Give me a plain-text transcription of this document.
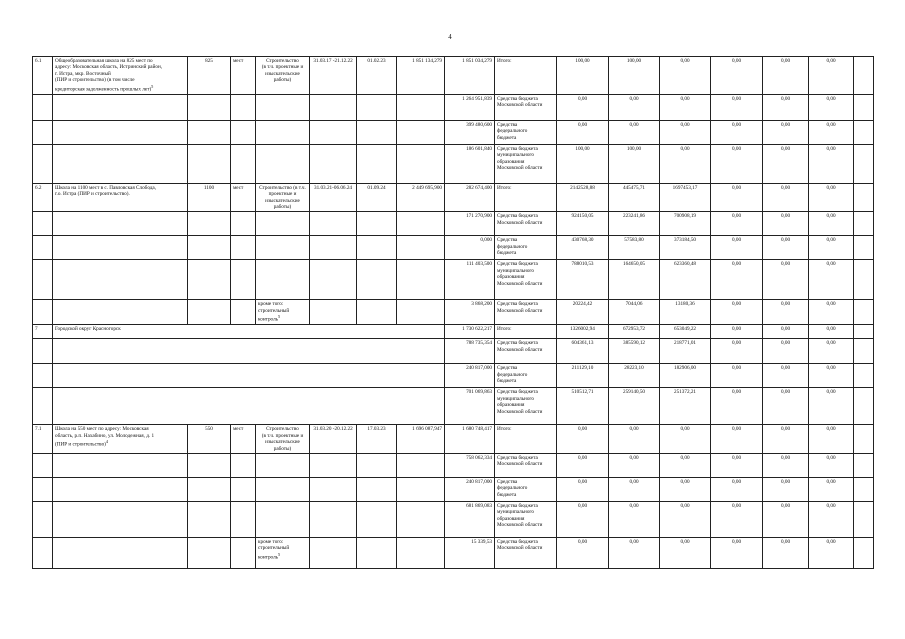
4
6.1	Общеобразовательная школа на 825 мест по
адресу: Московская область, Истринский район,
г. Истра, мкр. Восточный
(ПИР и строительство) (в том числе
кредиторская задолженность прошлых лет)$^5$	825	мест	Строительство
(в т.ч. проектные и
изыскательские
работы)	31.03.17 -21.12.22	01.02.23	1 851 134,279	1 851 034,279	Итого:	100,00	100,00	0,00	0,00	0,00	0,00	
								1 264 951,839	Средства бюджета
Московской области	0,00	0,00	0,00	0,00	0,00	0,00	
								399 480,600	Средства
федерального
бюджета	0,00	0,00	0,00	0,00	0,00	0,00	
								186 601,840	Средства бюджета
муниципального
образования
Московской области	100,00	100,00	0,00	0,00	0,00	0,00	
6.2	Школа на 1100 мест в с. Павловская Слобода,
г.о. Истра (ПИР и строительство).	1100	мест	Строительство (в т.ч.
проектные и
изыскательские
работы)	31.03.21-06.06.24	01.09.24	2 449 695,900	282 674,400	Итого:	2142528,88	445475,71	1697453,17	0,00	0,00	0,00	
								171 270,900	Средства бюджета
Московской области	924150,05	223241,86	700908,19	0,00	0,00	0,00	
								0,000	Средства
федерального
бюджета	430768,30	57583,80	373184,50	0,00	0,00	0,00	
								111 403,500	Средства бюджета
муниципального
образования
Московской области	788010,53	164650,05	623360,48	0,00	0,00	0,00	
				кроме того:
строительный
контроль$^5$				3 868,200	Средства бюджета
Московской области	20224,42	7044,06	13180,36	0,00	0,00	0,00	
7	Городской округ Красногорск							1 730 622,217	Итого:	1326002,94	672953,72	653049,22	0,00	0,00	0,00	
								788 735,354	Средства бюджета
Московской области	604361,13	385590,12	218771,01	0,00	0,00	0,00	
								240 817,000	Средства
федерального
бюджета	211129,10	28223,10	182906,00	0,00	0,00	0,00	
								701 069,863	Средства бюджета
муниципального
образования
Московской области	510512,71	259140,50	251372,21	0,00	0,00	0,00	
7.1	Школа на 550 мест по адресу: Московская
область, р.п. Нахабино, ул. Молодежная, д. 1
(ПИР и строительство)$^4$	550	мест	Строительство
(в т.ч. проектные и
изыскательские
работы)	31.03.20 -20.12.22	17.03.23	1 696 087,947	1 680 748,417	Итого:	0,00	0,00	0,00	0,00	0,00	0,00	
								758 062,334	Средства бюджета
Московской области	0,00	0,00	0,00	0,00	0,00	0,00	
								240 817,000	Средства
федерального
бюджета	0,00	0,00	0,00	0,00	0,00	0,00	
								681 869,083	Средства бюджета
муниципального
образования
Московской области	0,00	0,00	0,00	0,00	0,00	0,00	
				кроме того:
строительный
контроль$^5$				15 339,53	Средства бюджета
Московской области	0,00	0,00	0,00	0,00	0,00	0,00	
